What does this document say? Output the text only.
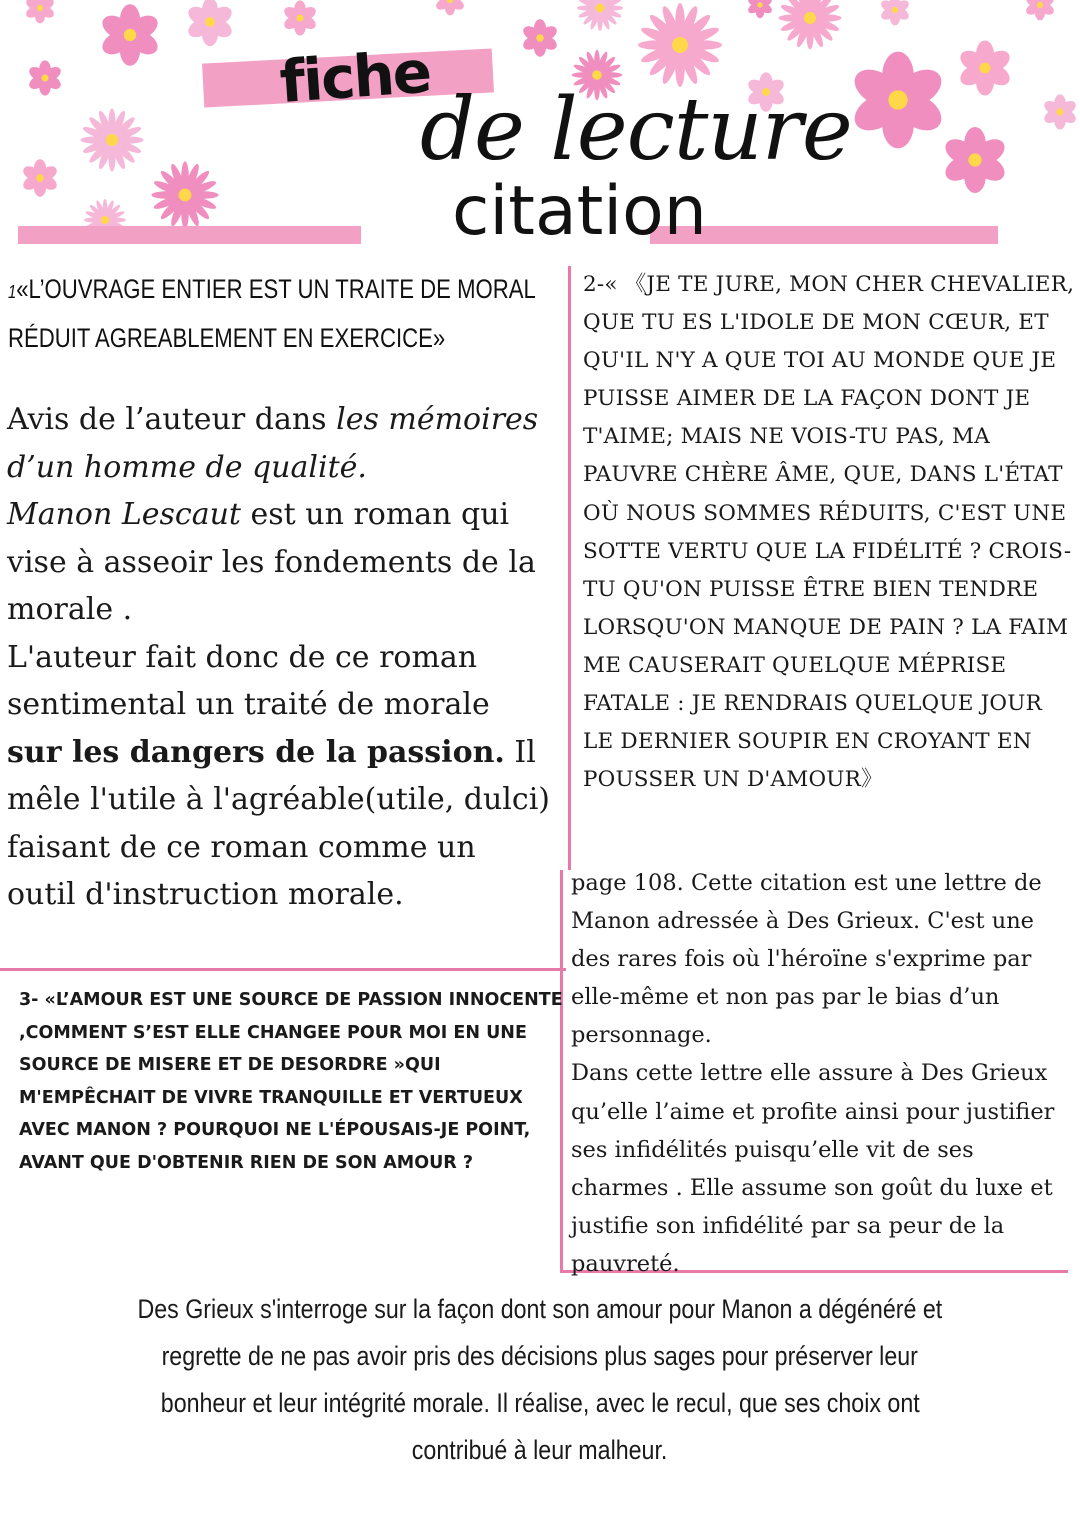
fiche
de lecture
citation
1«L’OUVRAGE ENTIER EST UN TRAITE DE MORAL RÉDUIT AGREABLEMENT EN EXERCICE»
Avis de l’auteur dans les mémoires d’un homme de qualité.
Manon Lescaut est un roman qui vise à asseoir les fondements de la morale .
L'auteur fait donc de ce roman sentimental un traité de morale sur les dangers de la passion. Il mêle l'utile à l'agréable(utile, dulci) faisant de ce roman comme un outil d'instruction morale.
2-« 《JE TE JURE, MON CHER CHEVALIER, QUE TU ES L'IDOLE DE MON CŒUR, ET QU'IL N'Y A QUE TOI AU MONDE QUE JE PUISSE AIMER DE LA FAÇON DONT JE T'AIME; MAIS NE VOIS-TU PAS, MA PAUVRE CHÈRE ÂME, QUE, DANS L'ÉTAT OÙ NOUS SOMMES RÉDUITS, C'EST UNE SOTTE VERTU QUE LA FIDÉLITÉ ? CROIS-TU QU'ON PUISSE ÊTRE BIEN TENDRE LORSQU'ON MANQUE DE PAIN ? LA FAIM ME CAUSERAIT QUELQUE MÉPRISE FATALE : JE RENDRAIS QUELQUE JOUR LE DERNIER SOUPIR EN CROYANT EN POUSSER UN D'AMOUR》
page 108. Cette citation est une lettre de Manon adressée à Des Grieux. C'est une des rares fois où l'héroïne s'exprime par elle-même et non pas par le bias d’un personnage.
Dans cette lettre elle assure à Des Grieux qu’elle l’aime et profite ainsi pour justifier ses infidélités puisqu’elle vit de ses charmes . Elle assume son goût du luxe et justifie son infidélité par sa peur de la pauvreté.
3- «L’AMOUR EST UNE SOURCE DE PASSION INNOCENTE ,COMMENT S’EST ELLE CHANGEE POUR MOI EN UNE SOURCE DE MISERE ET DE DESORDRE »QUI M'EMPÊCHAIT DE VIVRE TRANQUILLE ET VERTUEUX AVEC MANON ? POURQUOI NE L'ÉPOUSAIS-JE POINT, AVANT QUE D'OBTENIR RIEN DE SON AMOUR ?
Des Grieux s'interroge sur la façon dont son amour pour Manon a dégénéré et
regrette de ne pas avoir pris des décisions plus sages pour préserver leur
bonheur et leur intégrité morale. Il réalise, avec le recul, que ses choix ont
contribué à leur malheur.
